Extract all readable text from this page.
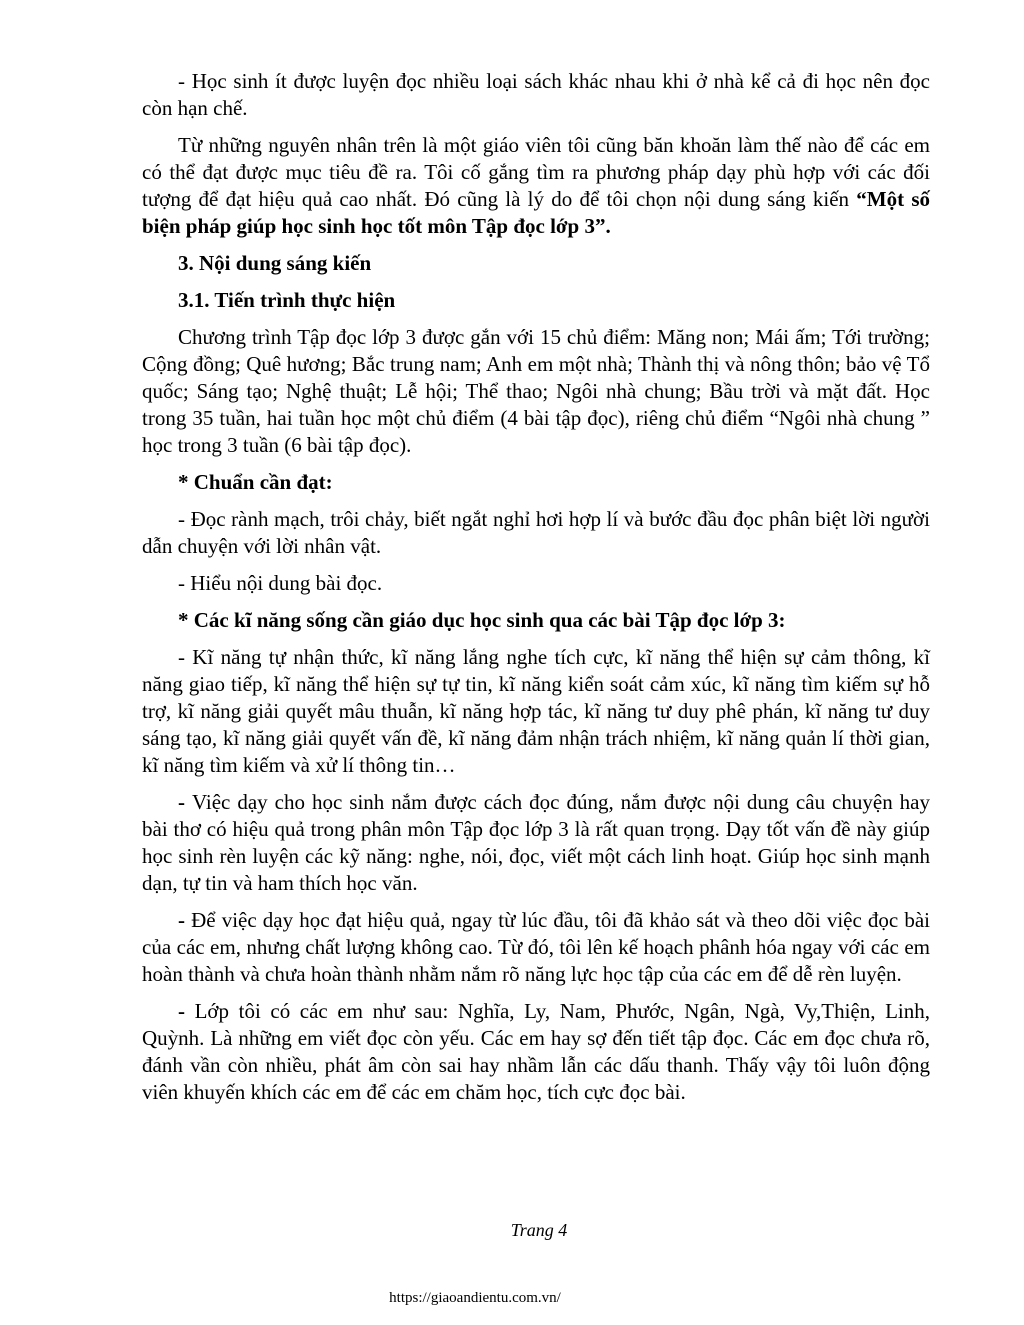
- Học sinh ít được luyện đọc nhiều loại sách khác nhau khi ở nhà kể cả đi học nên đọc còn hạn chế.

Từ những nguyên nhân trên là một giáo viên tôi cũng băn khoăn làm thế nào để các em có thể đạt được mục tiêu đề ra. Tôi cố gắng tìm ra phương pháp dạy phù hợp với các đối tượng để đạt hiệu quả cao nhất. Đó cũng là lý do để tôi chọn nội dung sáng kiến “Một số biện pháp giúp học sinh học tốt môn Tập đọc lớp 3”.

3. Nội dung sáng kiến

3.1. Tiến trình thực hiện

Chương trình Tập đọc lớp 3 được gắn với 15 chủ điểm: Măng non; Mái ấm; Tới trường; Cộng đồng; Quê hương; Bắc trung nam; Anh em một nhà; Thành thị và nông thôn; bảo vệ Tổ quốc; Sáng tạo; Nghệ thuật; Lễ hội; Thể thao; Ngôi nhà chung; Bầu trời và mặt đất. Học trong 35 tuần, hai tuần học một chủ điểm (4 bài tập đọc), riêng chủ điểm “Ngôi nhà chung ” học trong 3 tuần (6 bài tập đọc).

* Chuẩn cần đạt:

- Đọc rành mạch, trôi chảy, biết ngắt nghỉ hơi hợp lí và bước đầu đọc phân biệt lời người dẫn chuyện với lời nhân vật.

- Hiểu nội dung bài đọc.

* Các kĩ năng sống cần giáo dục học sinh qua các bài Tập đọc lớp 3:

- Kĩ năng tự nhận thức, kĩ năng lắng nghe tích cực, kĩ năng thể hiện sự cảm thông, kĩ năng giao tiếp, kĩ năng thể hiện sự tự tin, kĩ năng kiển soát cảm xúc, kĩ năng tìm kiếm sự hỗ trợ, kĩ năng giải quyết mâu thuẫn, kĩ năng hợp tác, kĩ năng tư duy phê phán, kĩ năng tư duy sáng tạo, kĩ năng giải quyết vấn đề, kĩ năng đảm nhận trách nhiệm, kĩ năng quản lí thời gian, kĩ năng tìm kiếm và xử lí thông tin…

- Việc dạy cho học sinh nắm được cách đọc đúng, nắm được nội dung câu chuyện hay bài thơ có hiệu quả trong phân môn Tập đọc lớp 3 là rất quan trọng. Dạy tốt vấn đề này giúp học sinh rèn luyện các kỹ năng: nghe, nói, đọc, viết một cách linh hoạt. Giúp học sinh mạnh dạn, tự tin và ham thích học văn.

- Để việc dạy học đạt hiệu quả, ngay từ lúc đầu, tôi đã khảo sát và theo dõi việc đọc bài của các em, nhưng chất lượng không cao. Từ đó, tôi lên kế hoạch phânh hóa ngay với các em hoàn thành và chưa hoàn thành nhằm nắm rõ năng lực học tập của các em để dễ rèn luyện.

- Lớp tôi có các em như sau: Nghĩa, Ly, Nam, Phước, Ngân, Ngà, Vy,Thiện, Linh, Quỳnh. Là những em viết đọc còn yếu. Các em hay sợ đến tiết tập đọc. Các em đọc chưa rõ, đánh vần còn nhiều, phát âm còn sai hay nhầm lẫn các dấu thanh. Thấy vậy tôi luôn động viên khuyến khích các em để các em chăm học, tích cực đọc bài.

Trang 4
https://giaoandientu.com.vn/
